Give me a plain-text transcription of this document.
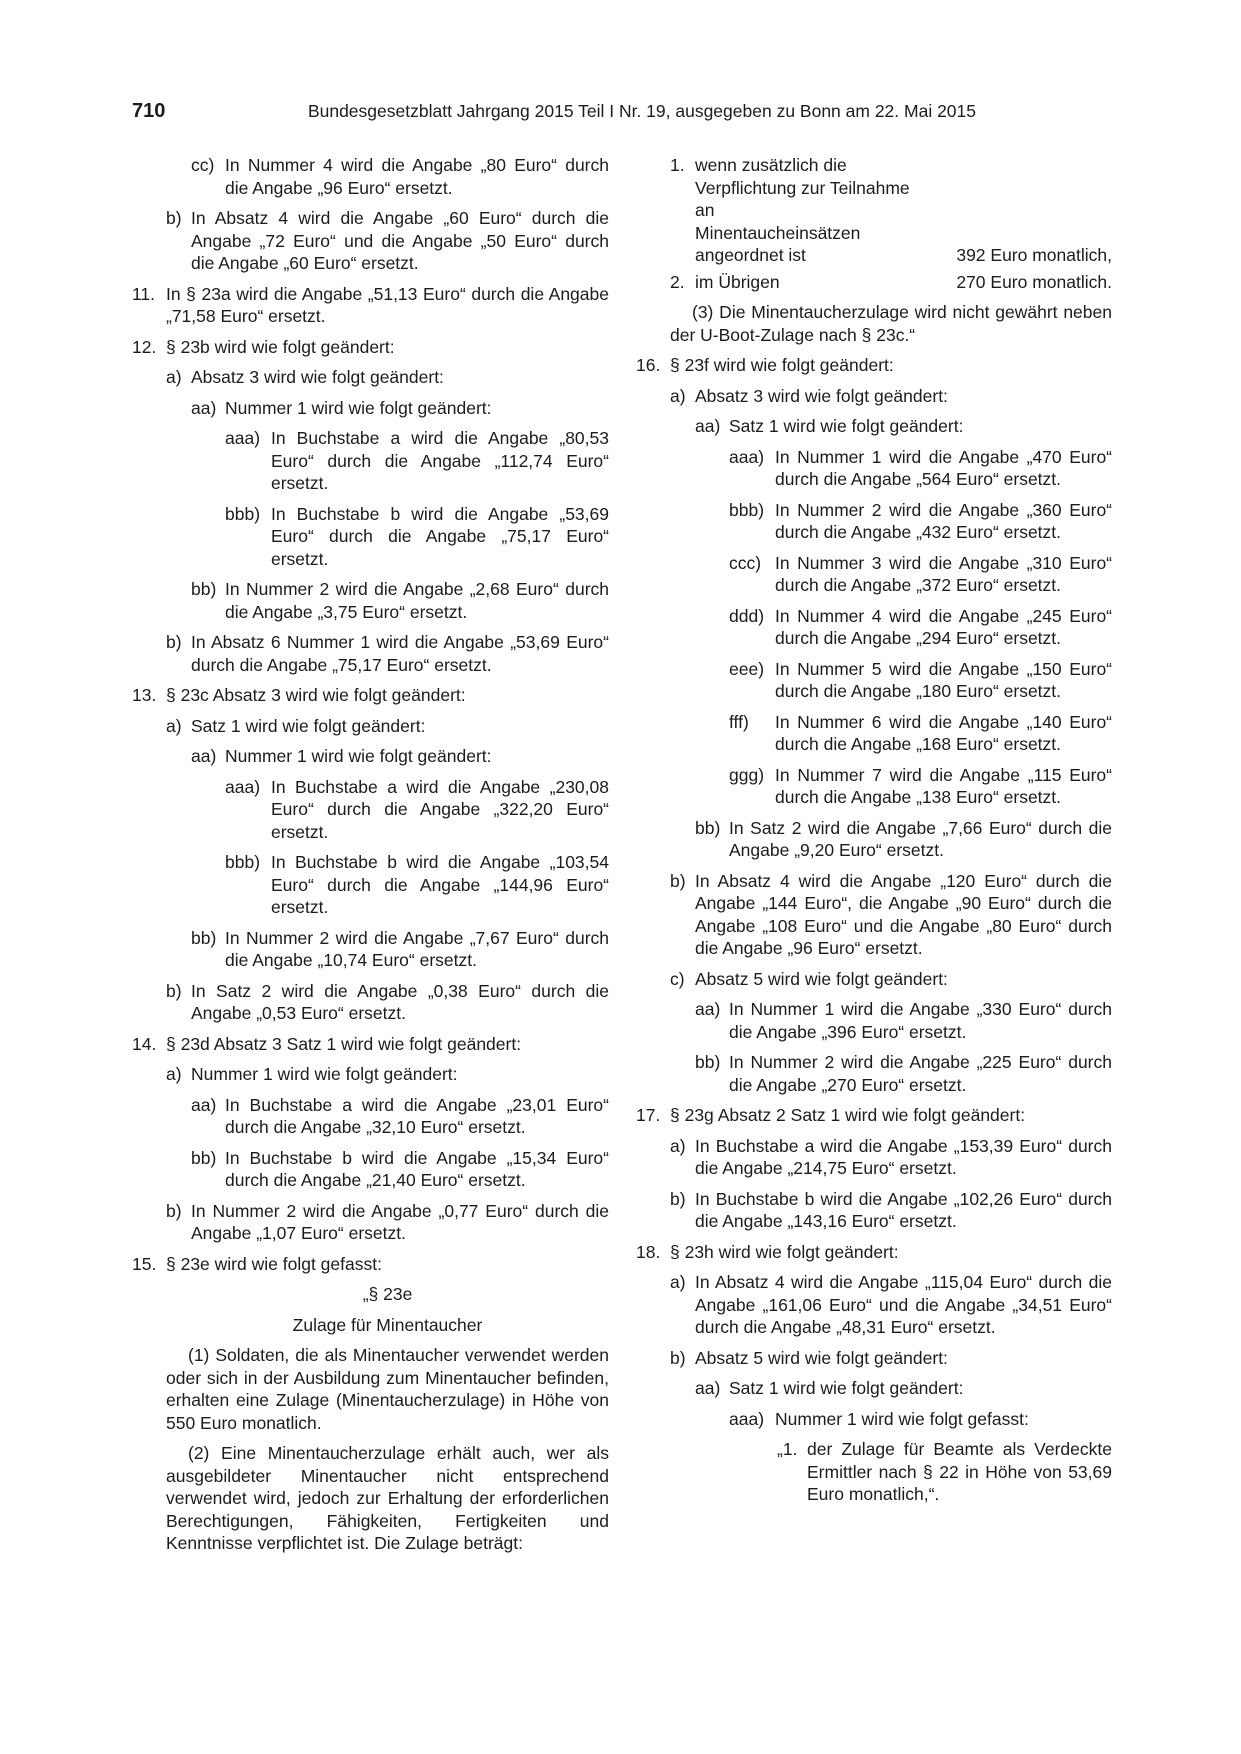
710	Bundesgesetzblatt Jahrgang 2015 Teil I Nr. 19, ausgegeben zu Bonn am 22. Mai 2015
cc) In Nummer 4 wird die Angabe „80 Euro“ durch die Angabe „96 Euro“ ersetzt.
b) In Absatz 4 wird die Angabe „60 Euro“ durch die Angabe „72 Euro“ und die Angabe „50 Euro“ durch die Angabe „60 Euro“ ersetzt.
11. In § 23a wird die Angabe „51,13 Euro“ durch die Angabe „71,58 Euro“ ersetzt.
12. § 23b wird wie folgt geändert:
a) Absatz 3 wird wie folgt geändert:
aa) Nummer 1 wird wie folgt geändert:
aaa) In Buchstabe a wird die Angabe „80,53 Euro“ durch die Angabe „112,74 Euro“ ersetzt.
bbb) In Buchstabe b wird die Angabe „53,69 Euro“ durch die Angabe „75,17 Euro“ ersetzt.
bb) In Nummer 2 wird die Angabe „2,68 Euro“ durch die Angabe „3,75 Euro“ ersetzt.
b) In Absatz 6 Nummer 1 wird die Angabe „53,69 Euro“ durch die Angabe „75,17 Euro“ ersetzt.
13. § 23c Absatz 3 wird wie folgt geändert:
a) Satz 1 wird wie folgt geändert:
aa) Nummer 1 wird wie folgt geändert:
aaa) In Buchstabe a wird die Angabe „230,08 Euro“ durch die Angabe „322,20 Euro“ ersetzt.
bbb) In Buchstabe b wird die Angabe „103,54 Euro“ durch die Angabe „144,96 Euro“ ersetzt.
bb) In Nummer 2 wird die Angabe „7,67 Euro“ durch die Angabe „10,74 Euro“ ersetzt.
b) In Satz 2 wird die Angabe „0,38 Euro“ durch die Angabe „0,53 Euro“ ersetzt.
14. § 23d Absatz 3 Satz 1 wird wie folgt geändert:
a) Nummer 1 wird wie folgt geändert:
aa) In Buchstabe a wird die Angabe „23,01 Euro“ durch die Angabe „32,10 Euro“ ersetzt.
bb) In Buchstabe b wird die Angabe „15,34 Euro“ durch die Angabe „21,40 Euro“ ersetzt.
b) In Nummer 2 wird die Angabe „0,77 Euro“ durch die Angabe „1,07 Euro“ ersetzt.
15. § 23e wird wie folgt gefasst:
„§ 23e
Zulage für Minentaucher
(1) Soldaten, die als Minentaucher verwendet werden oder sich in der Ausbildung zum Minentaucher befinden, erhalten eine Zulage (Minentaucherzulage) in Höhe von 550 Euro monatlich.
(2) Eine Minentaucherzulage erhält auch, wer als ausgebildeter Minentaucher nicht entsprechend verwendet wird, jedoch zur Erhaltung der erforderlichen Berechtigungen, Fähigkeiten, Fertigkeiten und Kenntnisse verpflichtet ist. Die Zulage beträgt:
1. wenn zusätzlich die Verpflichtung zur Teilnahme an
Minentaucheinsätzen
angeordnet ist	392 Euro monatlich,
2. im Übrigen	270 Euro monatlich.
(3) Die Minentaucherzulage wird nicht gewährt neben der U-Boot-Zulage nach § 23c.“
16. § 23f wird wie folgt geändert:
a) Absatz 3 wird wie folgt geändert:
aa) Satz 1 wird wie folgt geändert:
aaa) In Nummer 1 wird die Angabe „470 Euro“ durch die Angabe „564 Euro“ ersetzt.
bbb) In Nummer 2 wird die Angabe „360 Euro“ durch die Angabe „432 Euro“ ersetzt.
ccc) In Nummer 3 wird die Angabe „310 Euro“ durch die Angabe „372 Euro“ ersetzt.
ddd) In Nummer 4 wird die Angabe „245 Euro“ durch die Angabe „294 Euro“ ersetzt.
eee) In Nummer 5 wird die Angabe „150 Euro“ durch die Angabe „180 Euro“ ersetzt.
fff)	In Nummer 6 wird die Angabe „140 Euro“ durch die Angabe „168 Euro“ ersetzt.
ggg) In Nummer 7 wird die Angabe „115 Euro“ durch die Angabe „138 Euro“ ersetzt.
bb) In Satz 2 wird die Angabe „7,66 Euro“ durch die Angabe „9,20 Euro“ ersetzt.
b) In Absatz 4 wird die Angabe „120 Euro“ durch die Angabe „144 Euro“, die Angabe „90 Euro“ durch die Angabe „108 Euro“ und die Angabe „80 Euro“ durch die Angabe „96 Euro“ ersetzt.
c) Absatz 5 wird wie folgt geändert:
aa) In Nummer 1 wird die Angabe „330 Euro“ durch die Angabe „396 Euro“ ersetzt.
bb) In Nummer 2 wird die Angabe „225 Euro“ durch die Angabe „270 Euro“ ersetzt.
17. § 23g Absatz 2 Satz 1 wird wie folgt geändert:
a) In Buchstabe a wird die Angabe „153,39 Euro“ durch die Angabe „214,75 Euro“ ersetzt.
b) In Buchstabe b wird die Angabe „102,26 Euro“ durch die Angabe „143,16 Euro“ ersetzt.
18. § 23h wird wie folgt geändert:
a) In Absatz 4 wird die Angabe „115,04 Euro“ durch die Angabe „161,06 Euro“ und die Angabe „34,51 Euro“ durch die Angabe „48,31 Euro“ ersetzt.
b) Absatz 5 wird wie folgt geändert:
aa) Satz 1 wird wie folgt geändert:
aaa) Nummer 1 wird wie folgt gefasst:
„1. der Zulage für Beamte als Verdeckte Ermittler nach § 22 in Höhe von 53,69 Euro monatlich,“.
